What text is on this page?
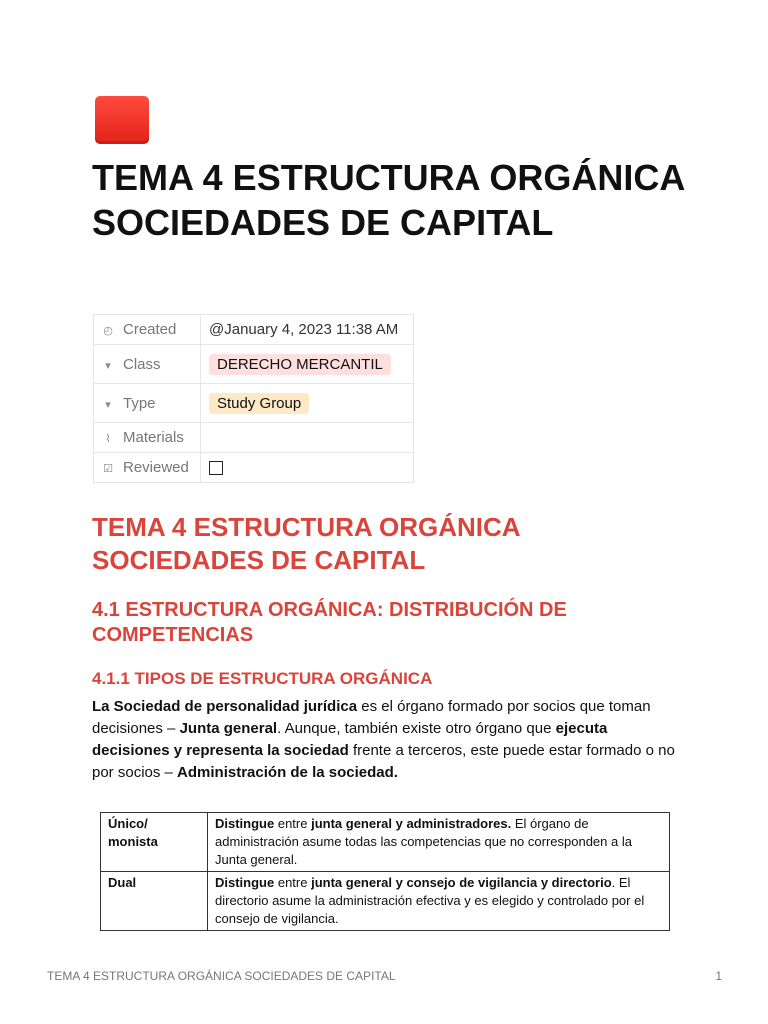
TEMA 4 ESTRUCTURA ORGÁNICA SOCIEDADES DE CAPITAL
◴ Created	@January 4, 2023 11:38 AM
▾ Class	DERECHO MERCANTIL
▾ Type	Study Group
⌇ Materials	
☑ Reviewed	
TEMA 4 ESTRUCTURA ORGÁNICA SOCIEDADES DE CAPITAL
4.1 ESTRUCTURA ORGÁNICA: DISTRIBUCIÓN DE COMPETENCIAS
4.1.1 TIPOS DE ESTRUCTURA ORGÁNICA

La Sociedad de personalidad jurídica es el órgano formado por socios que toman decisiones – Junta general. Aunque, también existe otro órgano que ejecuta decisiones y representa la sociedad frente a terceros, este puede estar formado o no por socios – Administración de la sociedad.

Único/ monista	Distingue entre junta general y administradores. El órgano de administración asume todas las competencias que no corresponden a la Junta general.
Dual	Distingue entre junta general y consejo de vigilancia y directorio. El directorio asume la administración efectiva y es elegido y controlado por el consejo de vigilancia.
TEMA 4 ESTRUCTURA ORGÁNICA SOCIEDADES DE CAPITAL	1
